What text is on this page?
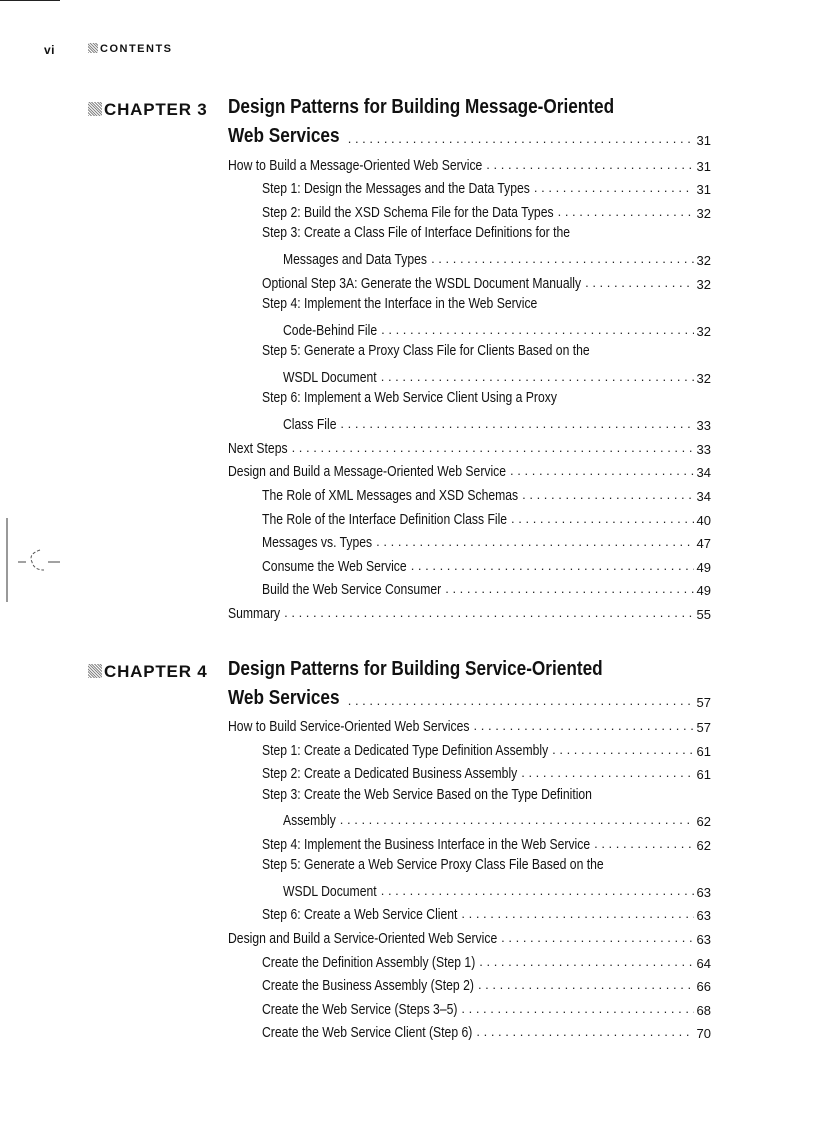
vi	CONTENTS
CHAPTER 3 Design Patterns for Building Message-Oriented
Web Services . . .	31
How to Build a Message-Oriented Web Service . . .	31
Step 1: Design the Messages and the Data Types . . .	31
Step 2: Build the XSD Schema File for the Data Types . . .	32
Step 3: Create a Class File of Interface Definitions for the
Messages and Data Types . . .	32
Optional Step 3A: Generate the WSDL Document Manually . . .	32
Step 4: Implement the Interface in the Web Service
Code-Behind File . . .	32
Step 5: Generate a Proxy Class File for Clients Based on the
WSDL Document . . .	32
Step 6: Implement a Web Service Client Using a Proxy
Class File . . .	33
Next Steps . . .	33
Design and Build a Message-Oriented Web Service . . .	34
The Role of XML Messages and XSD Schemas . . .	34
The Role of the Interface Definition Class File . . .	40
Messages vs. Types . . .	47
Consume the Web Service . . .	49
Build the Web Service Consumer . . .	49
Summary . . .	55
CHAPTER 4 Design Patterns for Building Service-Oriented
Web Services . . .	57
How to Build Service-Oriented Web Services . . .	57
Step 1: Create a Dedicated Type Definition Assembly . . .	61
Step 2: Create a Dedicated Business Assembly . . .	61
Step 3: Create the Web Service Based on the Type Definition
Assembly . . .	62
Step 4: Implement the Business Interface in the Web Service . . .	62
Step 5: Generate a Web Service Proxy Class File Based on the
WSDL Document . . .	63
Step 6: Create a Web Service Client . . .	63
Design and Build a Service-Oriented Web Service . . .	63
Create the Definition Assembly (Step 1) . . .	64
Create the Business Assembly (Step 2) . . .	66
Create the Web Service (Steps 3–5) . . .	68
Create the Web Service Client (Step 6) . . .	70
